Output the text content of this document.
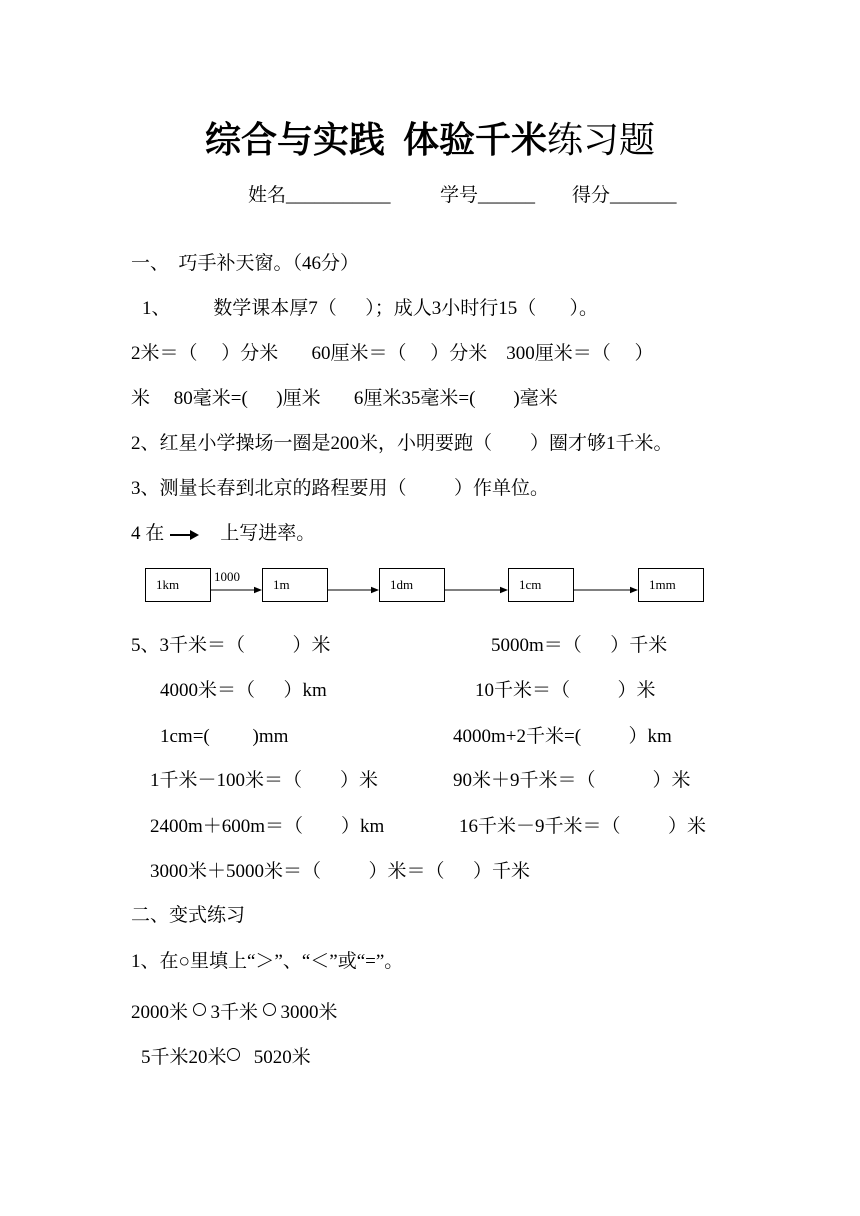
综合与实践  体验千米练习题
姓名___________	学号______ 得分_______
一、  巧手补天窗。（46分）
1、         数学课本厚7（      ）；成人3小时行15（       ）。
2米＝（     ）分米       60厘米＝（     ）分米    300厘米＝（     ）
米     80毫米=(      )厘米       6厘米35毫米=(        )毫米
2、红星小学操场一圈是200米，小明要跑（        ）圈才够1千米。
3、测量长春到北京的路程要用（          ）作单位。
4 在	上写进率。
1km	1m	1dm	1cm	1mm
1000
5、3千米＝（          ）米	5000m＝（      ）千米
4000米＝（      ）km	10千米＝（          ）米
1cm=(         )mm	4000m+2千米=(          ）km
1千米－100米＝（        ）米	90米＋9千米＝（            ）米
2400m＋600m＝（        ）km	16千米－9千米＝（          ）米
3000米＋5000米＝（          ）米＝（      ）千米
二、变式练习
1、在○里填上“＞”、“＜”或“=”。
2000米 3千米 3000米
5千米20米 5020米
